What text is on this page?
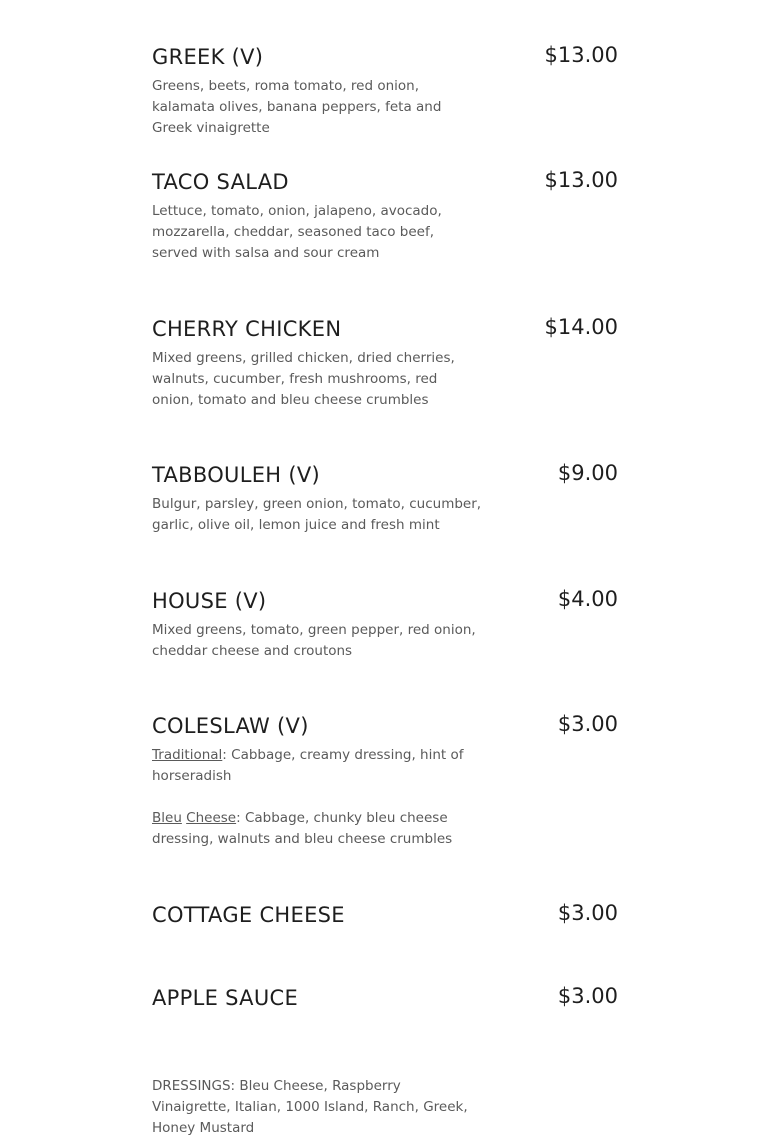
GREEK (V)	$13.00
Greens, beets, roma tomato, red onion, kalamata olives, banana peppers, feta and Greek vinaigrette
TACO SALAD	$13.00
Lettuce, tomato, onion, jalapeno, avocado, mozzarella, cheddar, seasoned taco beef, served with salsa and sour cream
CHERRY CHICKEN	$14.00
Mixed greens, grilled chicken, dried cherries, walnuts, cucumber, fresh mushrooms, red onion, tomato and bleu cheese crumbles
TABBOULEH (V)	$9.00
Bulgur, parsley, green onion, tomato, cucumber, garlic, olive oil, lemon juice and fresh mint
HOUSE (V)	$4.00
Mixed greens, tomato, green pepper, red onion, cheddar cheese and croutons
COLESLAW (V)	$3.00

Traditional: Cabbage, creamy dressing, hint of horseradish

Bleu Cheese: Cabbage, chunky bleu cheese dressing, walnuts and bleu cheese crumbles

COTTAGE CHEESE	$3.00
APPLE SAUCE	$3.00
DRESSINGS: Bleu Cheese, Raspberry Vinaigrette, Italian, 1000 Island, Ranch, Greek, Honey Mustard
